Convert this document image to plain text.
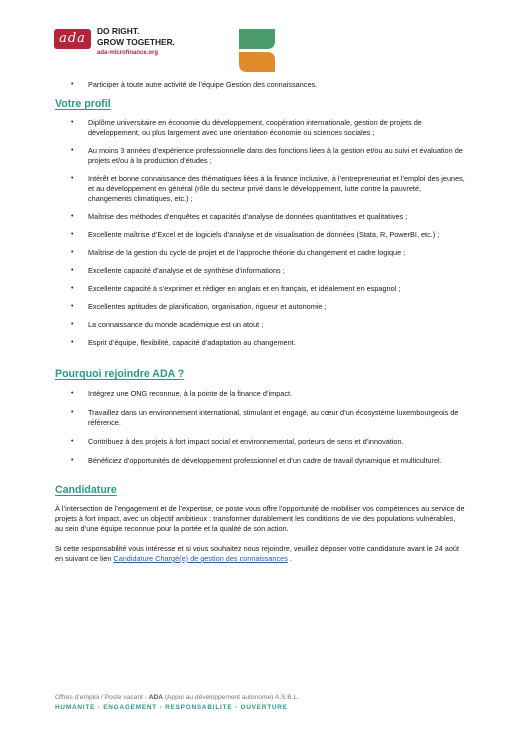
ada	DO RIGHT.
GROW TOGETHER.
ada-microfinance.org
• Participer à toute autre activité de l’équipe Gestion des connaissances.
Votre profil
• Diplôme universitaire en économie du développement, coopération internationale, gestion de projets de développement, ou plus largement avec une orientation économie ou sciences sociales ;
• Au moins 3 années d’expérience professionnelle dans des fonctions liées à la gestion et/ou au suivi et évaluation de projets et/ou à la production d’études ;
• Intérêt et bonne connaissance des thématiques liées à la finance inclusive, à l’entrepreneuriat et l’emploi des jeunes, et au développement en général (rôle du secteur privé dans le développement, lutte contre la pauvreté, changements climatiques, etc.) ;
• Maîtrise des méthodes d’enquêtes et capacités d’analyse de données quantitatives et qualitatives ;
• Excellente maîtrise d’Excel et de logiciels d’analyse et de visualisation de données (Stata, R, PowerBI, etc.) ;
• Maîtrise de la gestion du cycle de projet et de l’approche théorie du changement et cadre logique ;
• Excellente capacité d’analyse et de synthèse d’informations ;
• Excellente capacité à s’exprimer et rédiger en anglais et en français, et idéalement en espagnol ;
• Excellentes aptitudes de planification, organisation, rigueur et autonomie ;
• La connaissance du monde académique est un atout ;
• Esprit d’équipe, flexibilité, capacité d’adaptation au changement.
Pourquoi rejoindre ADA ?
• Intégrez une ONG reconnue, à la pointe de la finance d’impact.
• Travaillez dans un environnement international, stimulant et engagé, au cœur d’un écosystème luxembourgeois de référence.
• Contribuez à des projets à fort impact social et environnemental, porteurs de sens et d’innovation.
• Bénéficiez d’opportunités de développement professionnel et d’un cadre de travail dynamique et multiculturel.
Candidature

À l’intersection de l’engagement et de l’expertise, ce poste vous offre l’opportunité de mobiliser vos compétences au service de projets à fort impact, avec un objectif ambitieux : transformer durablement les conditions de vie des populations vulnérables, au sein d’une équipe reconnue pour la portée et la qualité de son action.

Si cette responsabilité vous intéresse et si vous souhaitez nous rejoindre, veuillez déposer votre candidature avant le 24 août en suivant ce lien Candidature Chargé(e) de gestion des connaissances .

Offres d’emploi / Poste vacant - ADA (Appui au développement autonome) A.S.B.L.
HUMANITE - ENGAGEMENT - RESPONSABILITE - OUVERTURE
